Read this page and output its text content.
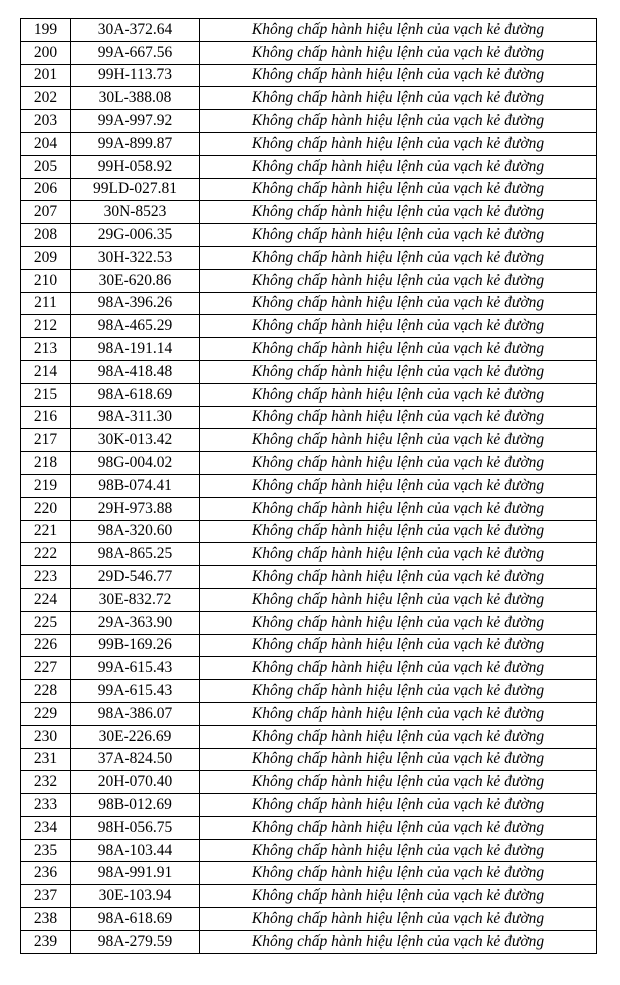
199	30A-372.64	Không chấp hành hiệu lệnh của vạch kẻ đường
200	99A-667.56	Không chấp hành hiệu lệnh của vạch kẻ đường
201	99H-113.73	Không chấp hành hiệu lệnh của vạch kẻ đường
202	30L-388.08	Không chấp hành hiệu lệnh của vạch kẻ đường
203	99A-997.92	Không chấp hành hiệu lệnh của vạch kẻ đường
204	99A-899.87	Không chấp hành hiệu lệnh của vạch kẻ đường
205	99H-058.92	Không chấp hành hiệu lệnh của vạch kẻ đường
206	99LD-027.81	Không chấp hành hiệu lệnh của vạch kẻ đường
207	30N-8523	Không chấp hành hiệu lệnh của vạch kẻ đường
208	29G-006.35	Không chấp hành hiệu lệnh của vạch kẻ đường
209	30H-322.53	Không chấp hành hiệu lệnh của vạch kẻ đường
210	30E-620.86	Không chấp hành hiệu lệnh của vạch kẻ đường
211	98A-396.26	Không chấp hành hiệu lệnh của vạch kẻ đường
212	98A-465.29	Không chấp hành hiệu lệnh của vạch kẻ đường
213	98A-191.14	Không chấp hành hiệu lệnh của vạch kẻ đường
214	98A-418.48	Không chấp hành hiệu lệnh của vạch kẻ đường
215	98A-618.69	Không chấp hành hiệu lệnh của vạch kẻ đường
216	98A-311.30	Không chấp hành hiệu lệnh của vạch kẻ đường
217	30K-013.42	Không chấp hành hiệu lệnh của vạch kẻ đường
218	98G-004.02	Không chấp hành hiệu lệnh của vạch kẻ đường
219	98B-074.41	Không chấp hành hiệu lệnh của vạch kẻ đường
220	29H-973.88	Không chấp hành hiệu lệnh của vạch kẻ đường
221	98A-320.60	Không chấp hành hiệu lệnh của vạch kẻ đường
222	98A-865.25	Không chấp hành hiệu lệnh của vạch kẻ đường
223	29D-546.77	Không chấp hành hiệu lệnh của vạch kẻ đường
224	30E-832.72	Không chấp hành hiệu lệnh của vạch kẻ đường
225	29A-363.90	Không chấp hành hiệu lệnh của vạch kẻ đường
226	99B-169.26	Không chấp hành hiệu lệnh của vạch kẻ đường
227	99A-615.43	Không chấp hành hiệu lệnh của vạch kẻ đường
228	99A-615.43	Không chấp hành hiệu lệnh của vạch kẻ đường
229	98A-386.07	Không chấp hành hiệu lệnh của vạch kẻ đường
230	30E-226.69	Không chấp hành hiệu lệnh của vạch kẻ đường
231	37A-824.50	Không chấp hành hiệu lệnh của vạch kẻ đường
232	20H-070.40	Không chấp hành hiệu lệnh của vạch kẻ đường
233	98B-012.69	Không chấp hành hiệu lệnh của vạch kẻ đường
234	98H-056.75	Không chấp hành hiệu lệnh của vạch kẻ đường
235	98A-103.44	Không chấp hành hiệu lệnh của vạch kẻ đường
236	98A-991.91	Không chấp hành hiệu lệnh của vạch kẻ đường
237	30E-103.94	Không chấp hành hiệu lệnh của vạch kẻ đường
238	98A-618.69	Không chấp hành hiệu lệnh của vạch kẻ đường
239	98A-279.59	Không chấp hành hiệu lệnh của vạch kẻ đường
